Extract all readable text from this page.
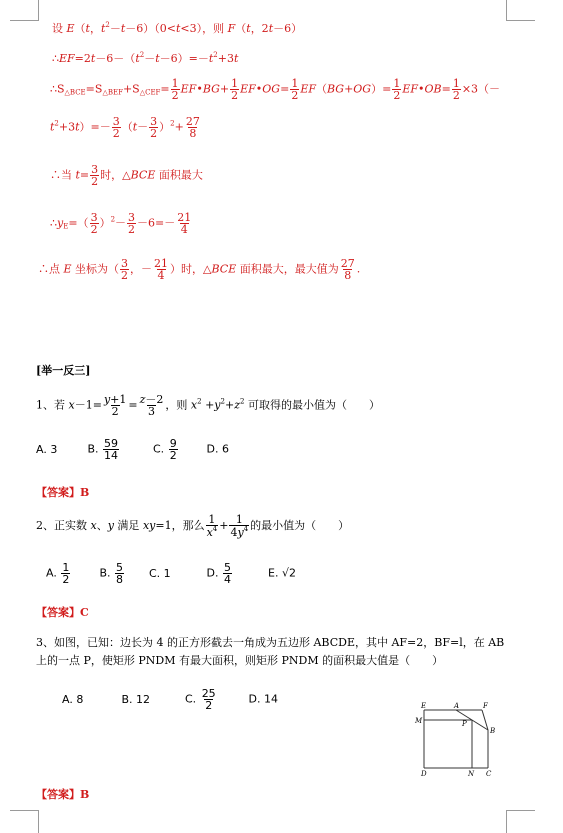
设 E（t，$t^2-t-6)(0<t<3)$，则 F（t，2t－6）
$\therefore EF=2t-6-(t^2-t-6)=-t^2+3t$
$\therefore S_{\triangle BCE}=S_{\triangle BEF}+S_{\triangle CEF}= \frac{1}{2}$ EF•BG+ $\frac{1}{2}$ EF•OG= $\frac{1}{2} EF(BG+OG)= \frac{1}{2}$ EF•OB= $\frac{1}{2} \times 3(-$
$t^2+3t)=- \frac{3}{2} (t- \frac{3}{2} )^2+ \frac{27}{8}$
∴当 $t= \frac{3}{2}$ 时，△BCE 面积最大
$\therefore y_E=( \frac{3}{2} )^2- \frac{3}{2} -6=- \frac{21}{4}$
∴点 E 坐标为（ $\frac{3}{2}$ ，－ $\frac{21}{4}$ ）时，△BCE 面积最大，最大值为 $\frac{27}{8}$ .
[举一反三]
1、若 $x-1= \frac{y+1}{2} = \frac{z-2}{3}$ ，则 $x^2 +y^2+z^2$ 可取得的最小值为（　　）
A. 3	B. $\frac{59}{14}$	C. $\frac{9}{2}$	D. 6
【答案】B
2、正实数 x、y 满足 xy=1，那么 $\frac{1}{x^4} + \frac{1}{4y^4}$ 的最小值为（　　）
A. $\frac{1}{2}$	B. $\frac{5}{8} C$. 1	D. $\frac{5}{4}$	E. √2
【答案】C
3、如图，已知：边长为 4 的正方形截去一角成为五边形 ABCDE，其中 AF=2，BF=l，在 AB
上的一点 P，使矩形 PNDM 有最大面积，则矩形 PNDM 的面积最大值是（　　）
A. 8	B. 12	C. $\frac{25}{2}$	D. 14
E	A	F
M	P
B
D	N C
【答案】B
